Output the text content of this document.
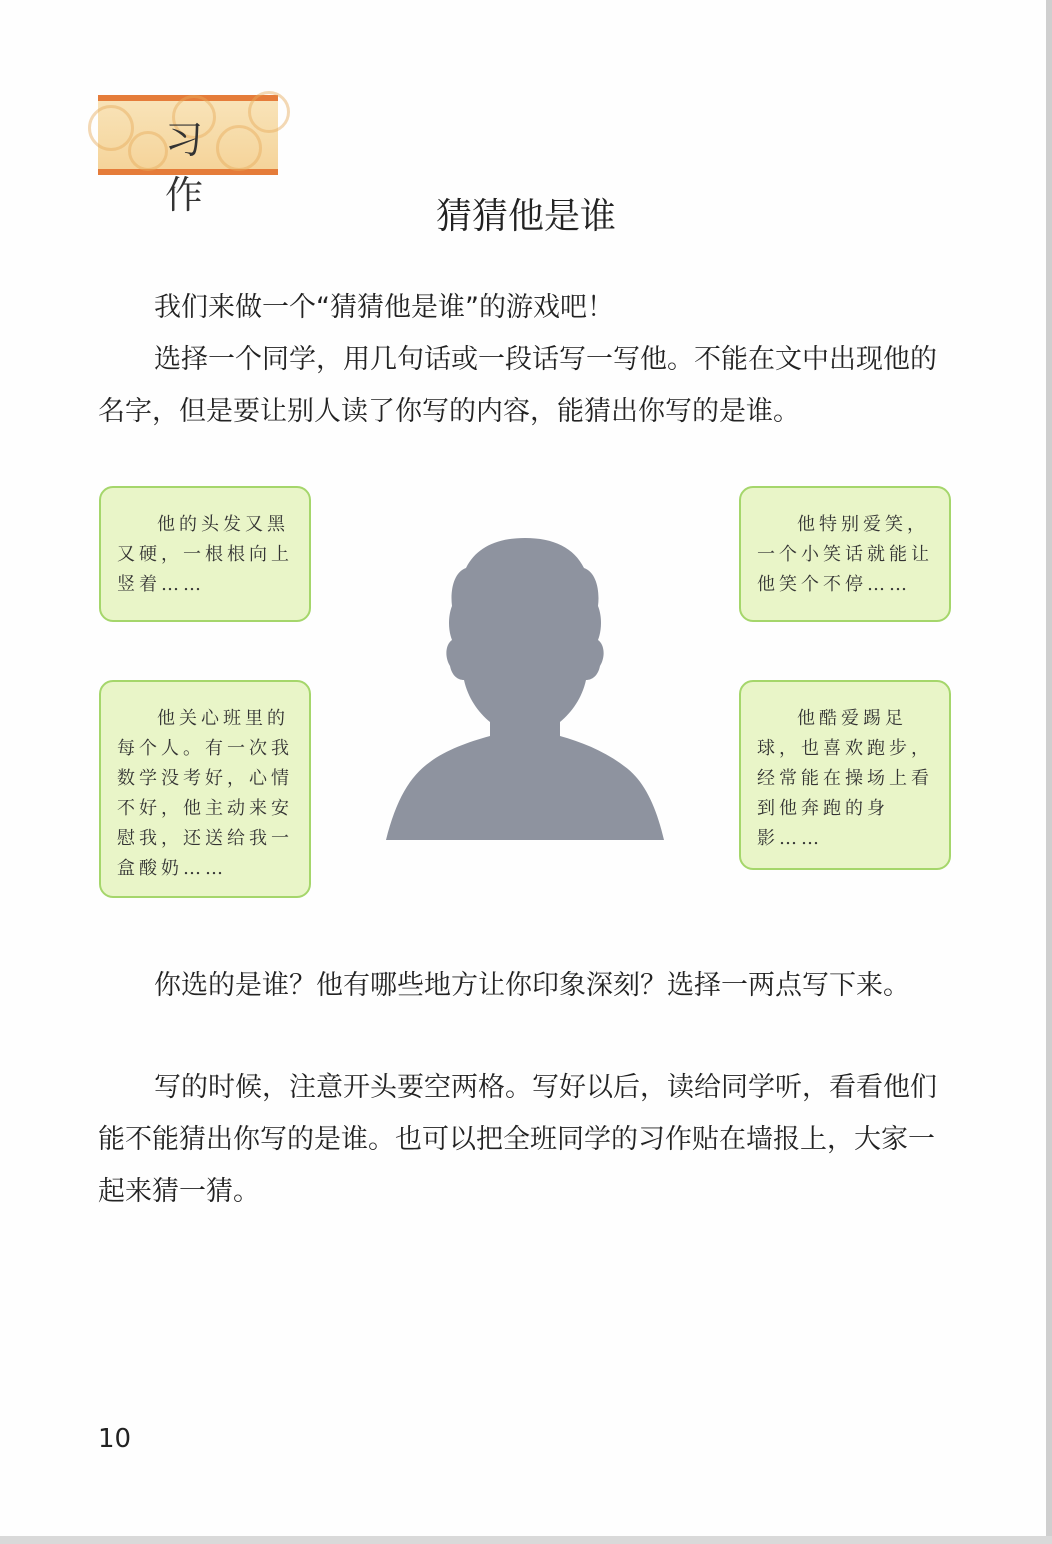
习 作	猜猜他是谁

我们来做一个“猜猜他是谁”的游戏吧！

选择一个同学，用几句话或一段话写一写他。不能在文中出现他的名字，但是要让别人读了你写的内容，能猜出你写的是谁。

他的头发又黑又硬，一根根向上竖着……

他特别爱笑，一个小笑话就能让他笑个不停……

他关心班里的每个人。有一次我数学没考好，心情不好，他主动来安慰我，还送给我一盒酸奶……

他酷爱踢足球，也喜欢跑步，经常能在操场上看到他奔跑的身影……

你选的是谁？他有哪些地方让你印象深刻？选择一两点写下来。

写的时候，注意开头要空两格。写好以后，读给同学听，看看他们能不能猜出你写的是谁。也可以把全班同学的习作贴在墙报上，大家一起来猜一猜。

10
